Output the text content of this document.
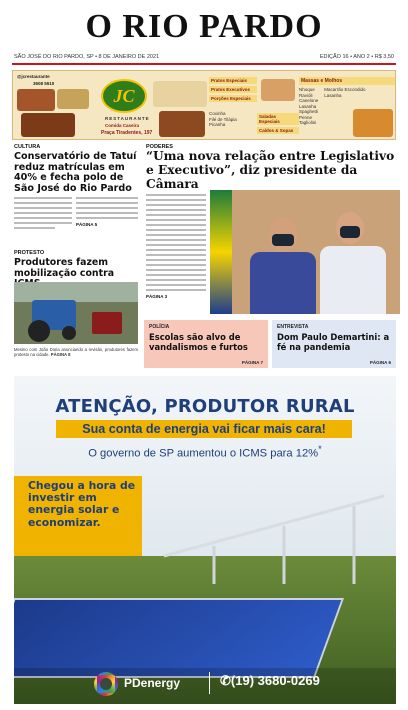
O RIO PARDO
SÃO JOSÉ DO RIO PARDO, SP • 8 DE JANEIRO DE 2021	EDIÇÃO 16 • ANO 2 • R$ 3,50
@jcrestaurante
3608 5510
JC
RESTAURANTE
Comida Caseira
Praça Tiradentes, 197
Pratos Especiais
Pratos Executivos
Porções Especiais
Coxinha
Filé de Tilápia
Picanha
Saladas Especiais
Caldos & Sopas
Massas e Molhos
Nhoque
Ravióli
Canelone
Lasanha
Spaghetti
Penne
Tagliolini
Macarrão Escondido
Lasanha
CULTURA
Conservatório de Tatuí reduz matrículas em 40% e fecha polo de São José do Rio Pardo
PÁGINA 5
PROTESTO
Produtores fazem mobilização contra
Mesmo com João Doria anunciando a revisão, produtores fazem protesto na cidade. PÁGINA 8
PODERES
“Uma nova relação entre Legislativo e Executivo”, diz presidente da Câmara
PÁGINA 3
POLÍCIA
Escolas são alvo de vandalismos e furtos
PÁGINA 7
ENTREVISTA
Dom Paulo Demartini: a fé na pandemia
PÁGINA 6
ATENÇÃO, PRODUTOR RURAL
Sua conta de energia vai ficar mais cara!
O governo de SP aumentou o ICMS para 12%*
Chegou a hora de investir em energia solar e economizar.
PDenergy	✆(19) 3680-0269
